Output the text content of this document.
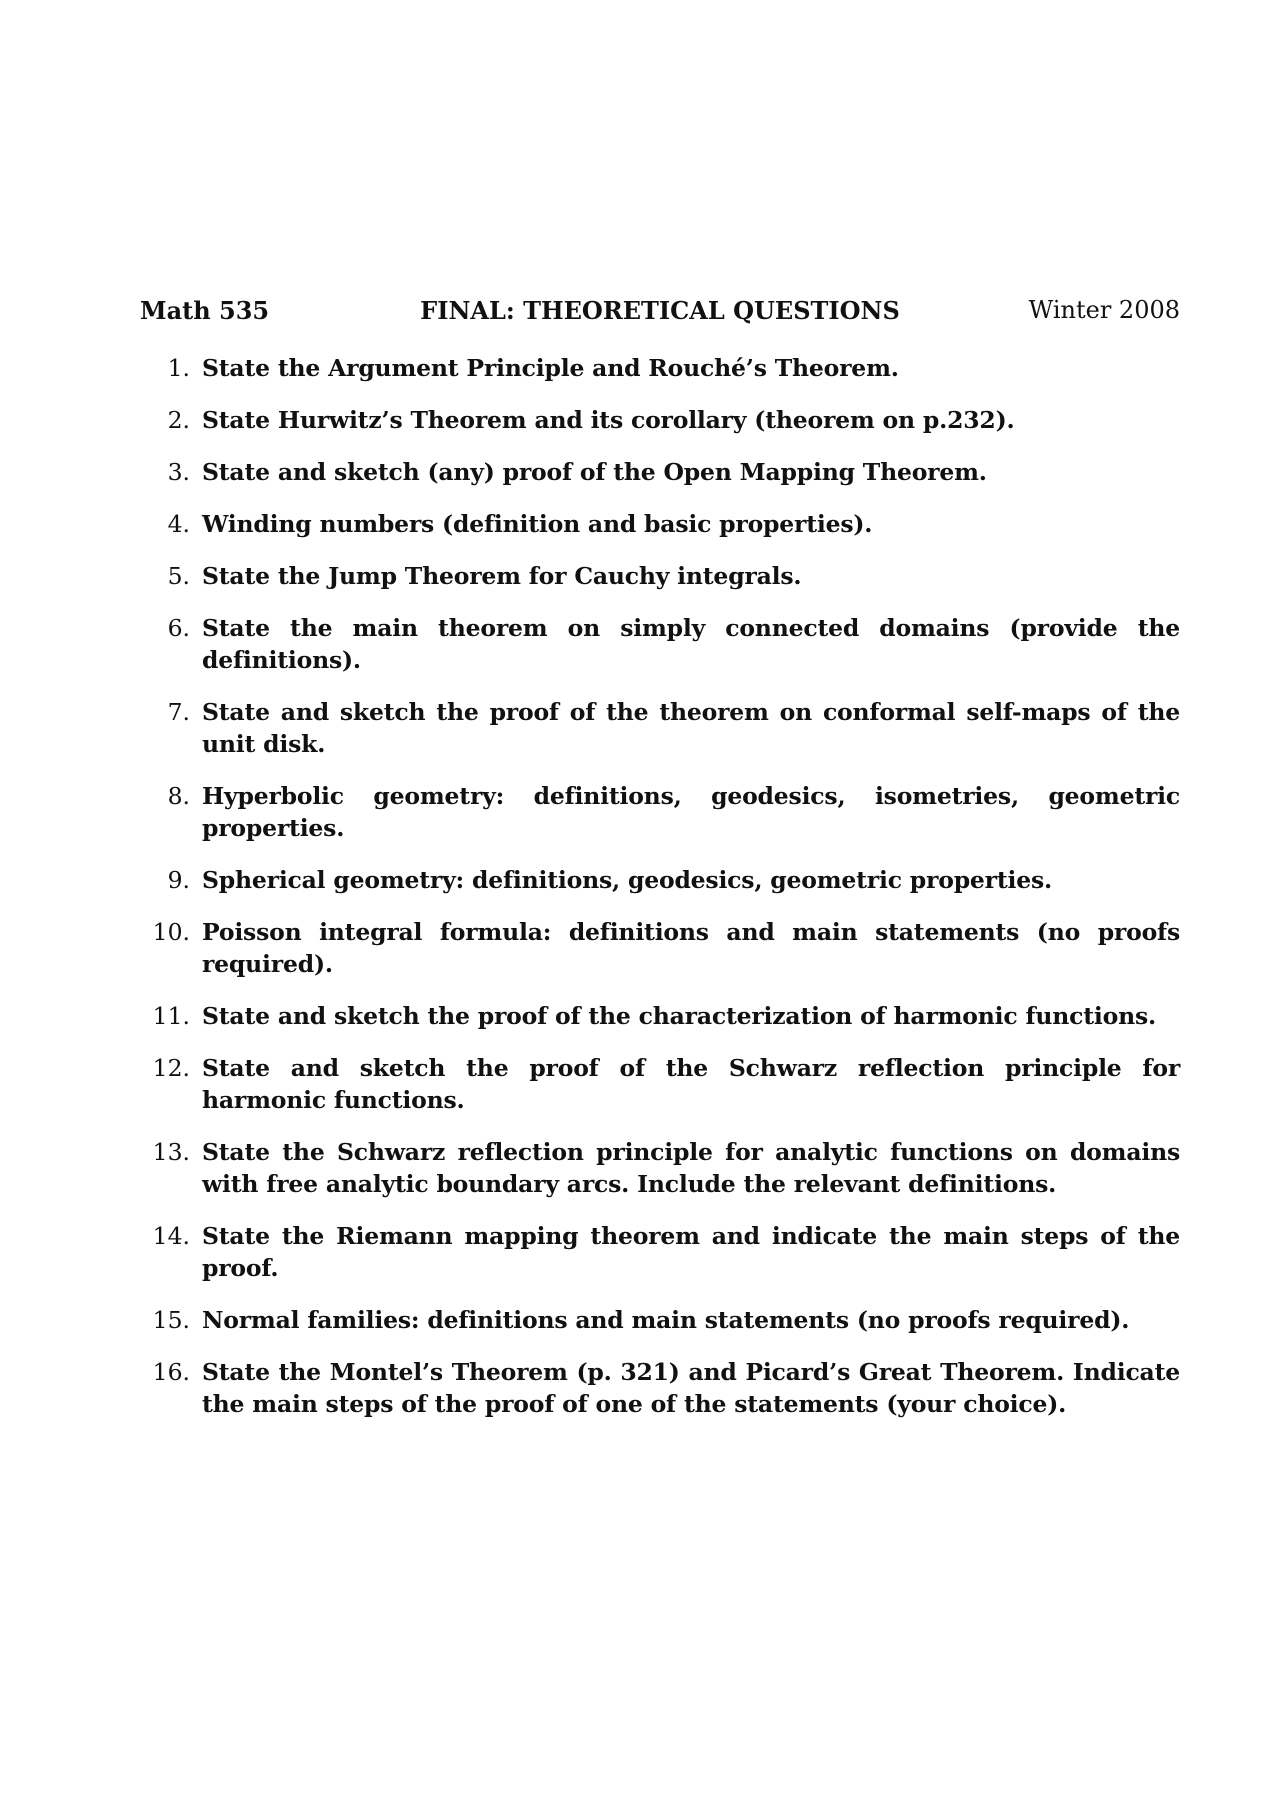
Math 535	FINAL: THEORETICAL QUESTIONS	Winter 2008
1. State the Argument Principle and Rouché’s Theorem.
2. State Hurwitz’s Theorem and its corollary (theorem on p.232).
3. State and sketch (any) proof of the Open Mapping Theorem.
4. Winding numbers (definition and basic properties).
5. State the Jump Theorem for Cauchy integrals.
6. State the main theorem on simply connected domains (provide the definitions).
7. State and sketch the proof of the theorem on conformal self-maps of the unit disk.
8. Hyperbolic geometry: definitions, geodesics, isometries, geometric properties.
9. Spherical geometry: definitions, geodesics, geometric properties.
10. Poisson integral formula: definitions and main statements (no proofs required).
11. State and sketch the proof of the characterization of harmonic functions.
12. State and sketch the proof of the Schwarz reflection principle for harmonic functions.
13. State the Schwarz reflection principle for analytic functions on domains with free analytic boundary arcs. Include the relevant definitions.
14. State the Riemann mapping theorem and indicate the main steps of the proof.
15. Normal families: definitions and main statements (no proofs required).
16. State the Montel’s Theorem (p. 321) and Picard’s Great Theorem. Indicate the main steps of the proof of one of the statements (your choice).
